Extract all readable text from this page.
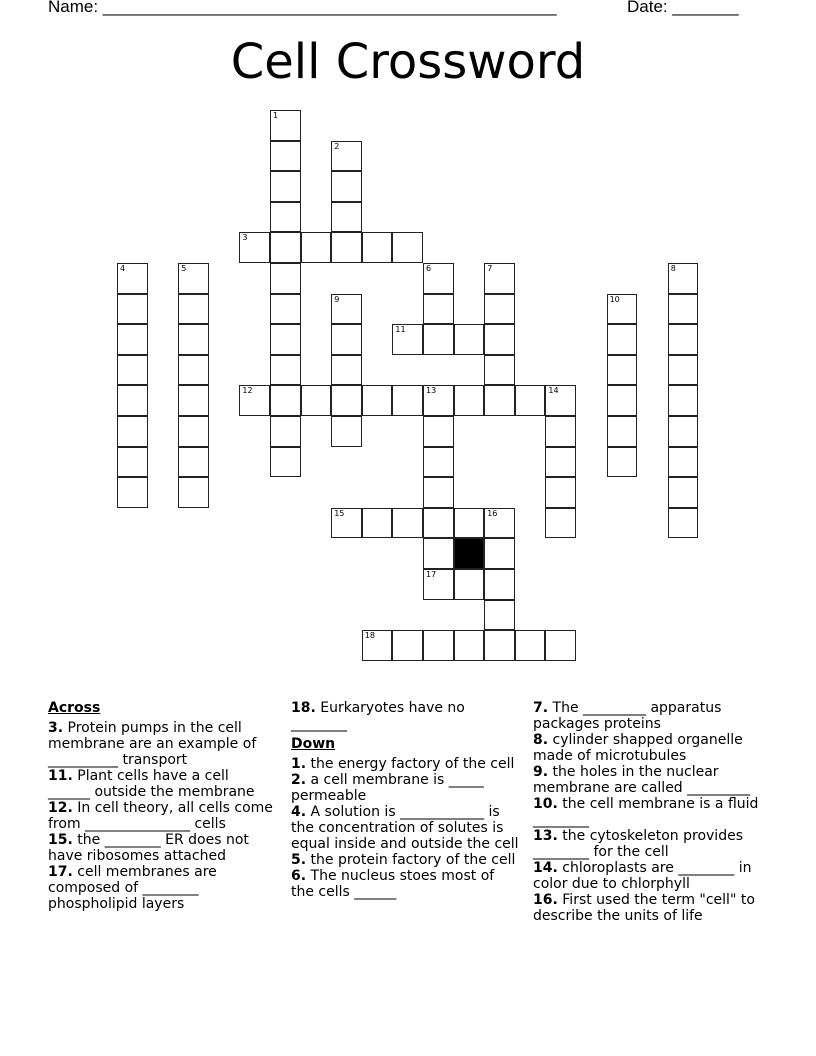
Name: ________________________________________________	Date: _______
Cell Crossword
1
2
3
4	5	6	7	8
9	10
11
12	13	14
17
15	16
18
Across
3. Protein pumps in the cell membrane are an example of __________ transport
11. Plant cells have a cell ______ outside the membrane
12. In cell theory, all cells come from _______________ cells
15. the ________ ER does not have ribosomes attached
17. cell membranes are composed of ________ phospholipid layers
18. Eurkaryotes have no ________
Down
1. the energy factory of the cell
2. a cell membrane is _____ permeable
4. A solution is ____________ is the concentration of solutes is equal inside and outside the cell
5. the protein factory of the cell
6. The nucleus stoes most of the cells ______
7. The _________ apparatus packages proteins
8. cylinder shapped organelle made of microtubules
9. the holes in the nuclear membrane are called _________
10. the cell membrane is a fluid ________
13. the cytoskeleton provides ________ for the cell
14. chloroplasts are ________ in color due to chlorphyll
16. First used the term "cell" to describe the units of life
